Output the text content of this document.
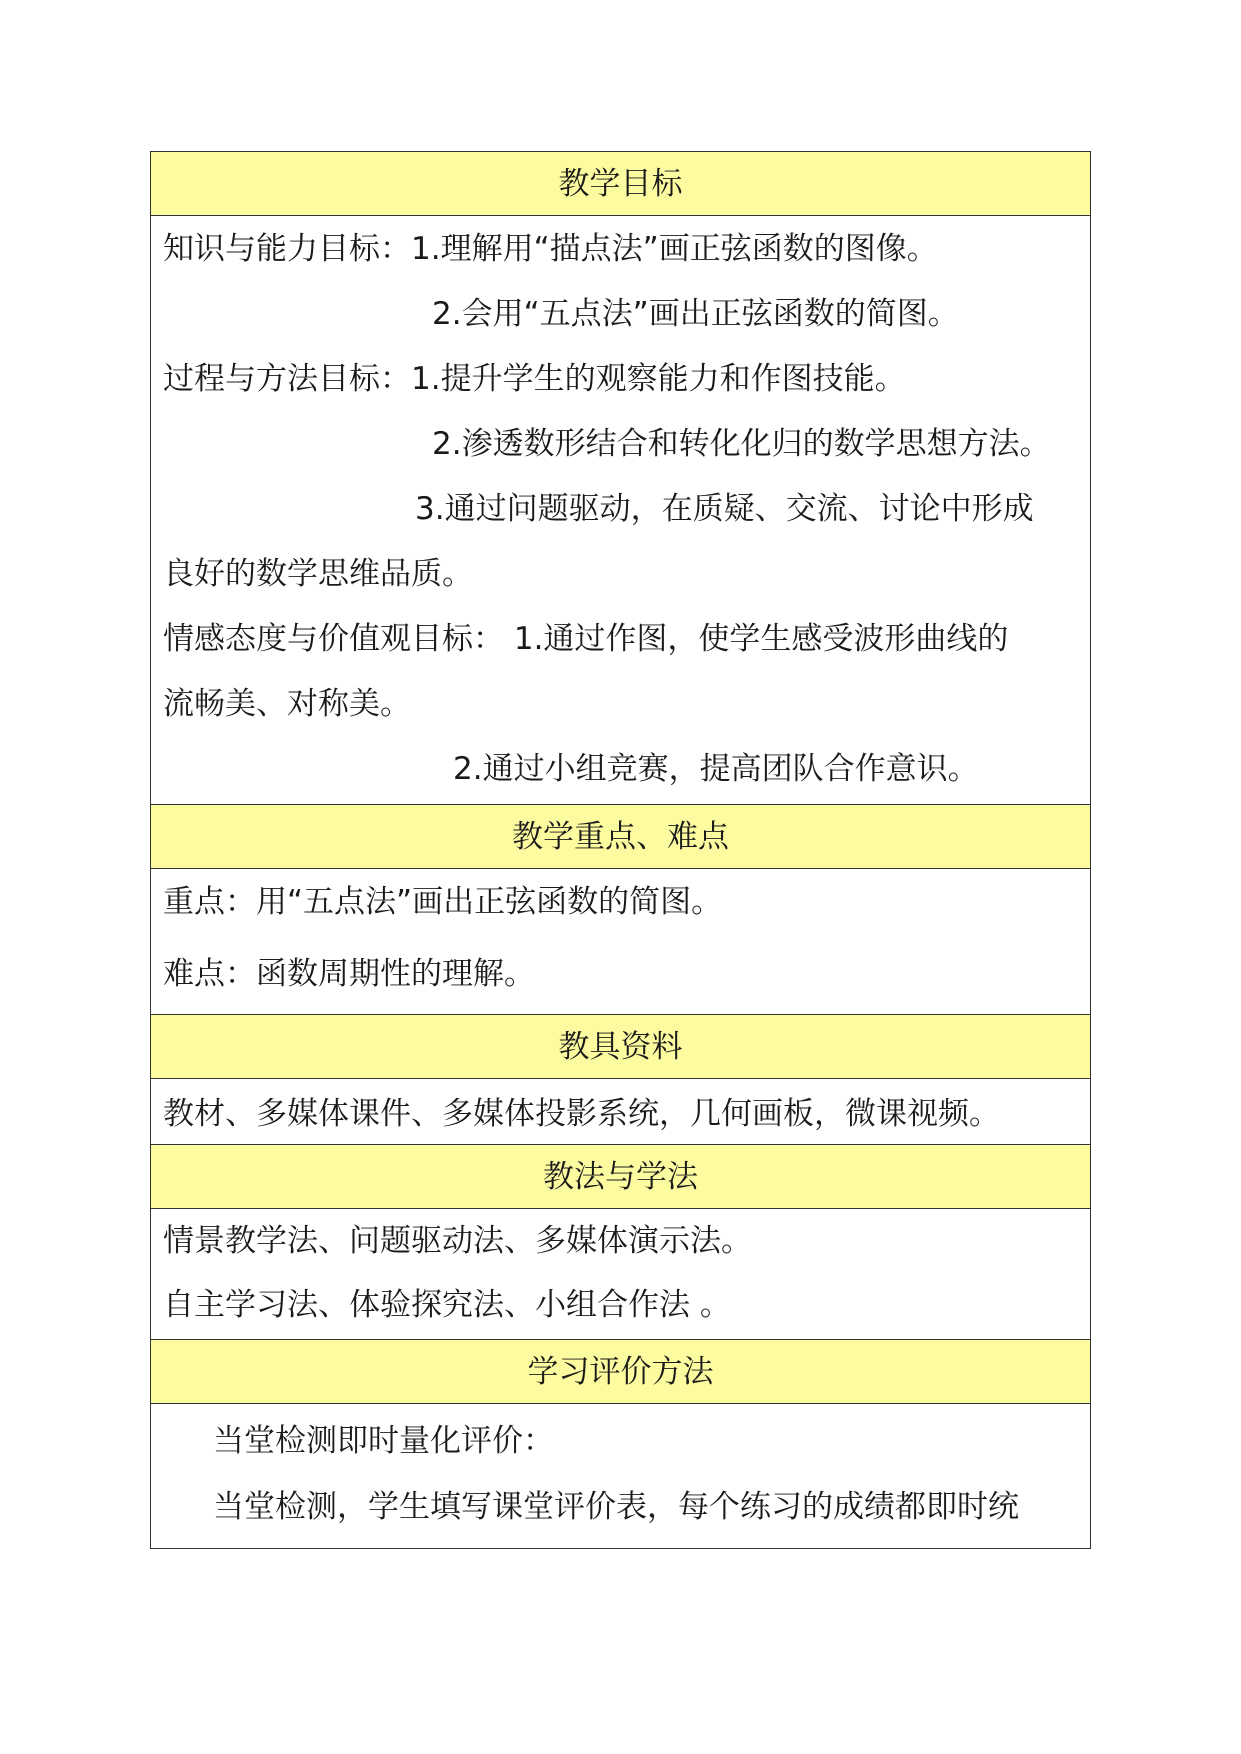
教学目标
知识与能力目标：1.理解用“描点法”画正弦函数的图像。
2.会用“五点法”画出正弦函数的简图。
过程与方法目标：1.提升学生的观察能力和作图技能。
2.渗透数形结合和转化化归的数学思想方法。
3.通过问题驱动，在质疑、交流、讨论中形成
良好的数学思维品质。
情感态度与价值观目标： 1.通过作图，使学生感受波形曲线的
流畅美、对称美。
2.通过小组竞赛，提高团队合作意识。
教学重点、难点
重点：用“五点法”画出正弦函数的简图。
难点：函数周期性的理解。
教具资料
教材、多媒体课件、多媒体投影系统，几何画板，微课视频。
教法与学法
情景教学法、问题驱动法、多媒体演示法。
自主学习法、体验探究法、小组合作法 。
学习评价方法
当堂检测即时量化评价：
当堂检测，学生填写课堂评价表，每个练习的成绩都即时统
